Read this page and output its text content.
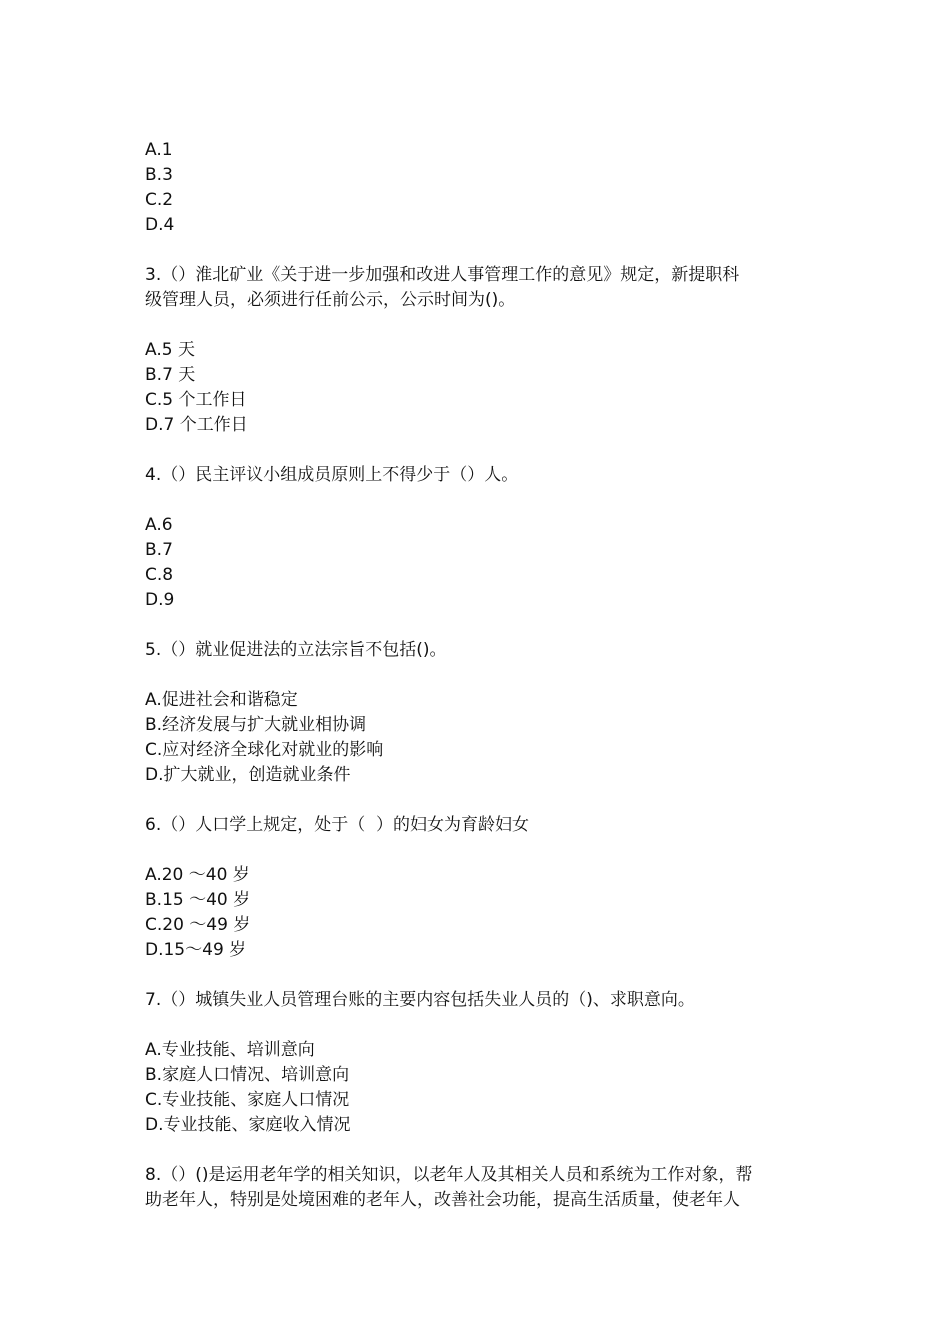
A.1
B.3
C.2
D.4
3.（）淮北矿业《关于进一步加强和改进人事管理工作的意见》规定，新提职科
级管理人员，必须进行任前公示，公示时间为()。
A.5 天
B.7 天
C.5 个工作日
D.7 个工作日
4.（）民主评议小组成员原则上不得少于（）人。
A.6
B.7
C.8
D.9
5.（）就业促进法的立法宗旨不包括()。
A.促进社会和谐稳定
B.经济发展与扩大就业相协调
C.应对经济全球化对就业的影响
D.扩大就业，创造就业条件
6.（）人口学上规定，处于（  ）的妇女为育龄妇女
A.20 ～40 岁
B.15 ～40 岁
C.20 ～49 岁
D.15～49 岁
7.（）城镇失业人员管理台账的主要内容包括失业人员的（)、求职意向。
A.专业技能、培训意向
B.家庭人口情况、培训意向
C.专业技能、家庭人口情况
D.专业技能、家庭收入情况
8.（）()是运用老年学的相关知识，以老年人及其相关人员和系统为工作对象，帮
助老年人，特别是处境困难的老年人，改善社会功能，提高生活质量，使老年人
